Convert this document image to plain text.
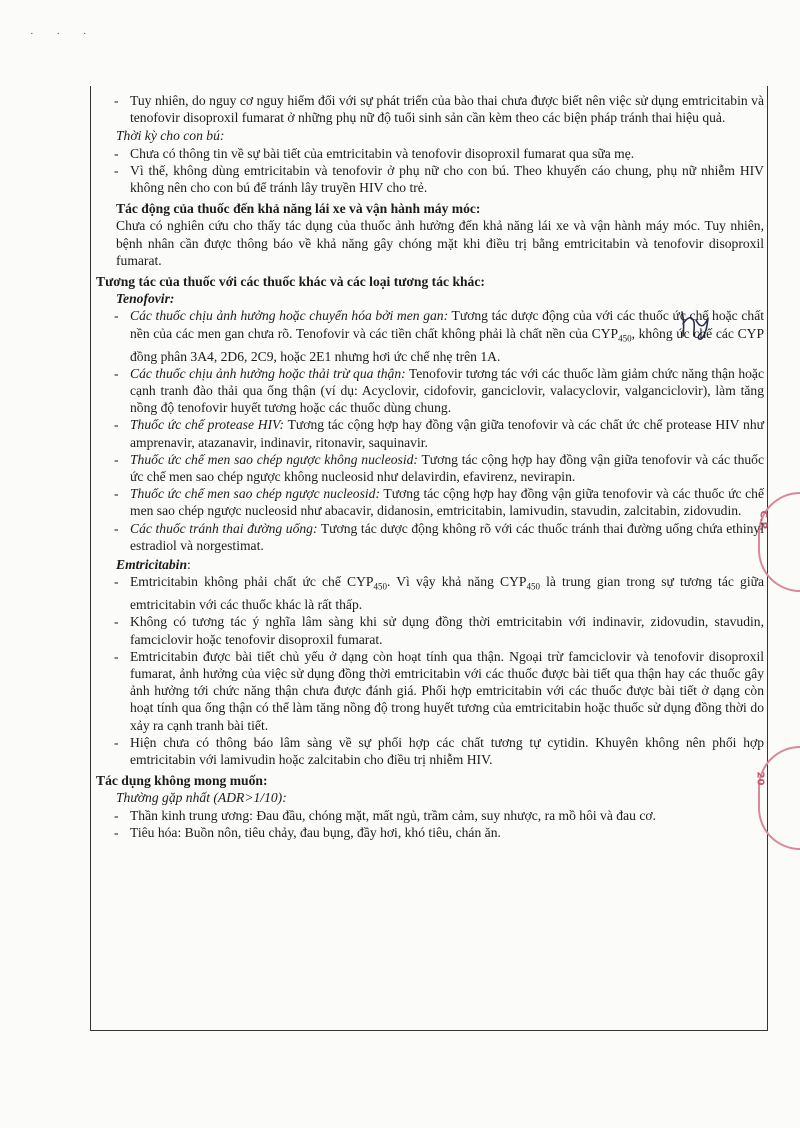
· · ·
C.P.
20

- Tuy nhiên, do nguy cơ nguy hiểm đối với sự phát triển của bào thai chưa được biết nên việc sử dụng emtricitabin và tenofovir disoproxil fumarat ở những phụ nữ độ tuổi sinh sản cần kèm theo các biện pháp tránh thai hiệu quả.

Thời kỳ cho con bú:

- Chưa có thông tin về sự bài tiết của emtricitabin và tenofovir disoproxil fumarat qua sữa mẹ.

- Vì thế, không dùng emtricitabin và tenofovir ở phụ nữ cho con bú. Theo khuyến cáo chung, phụ nữ nhiễm HIV không nên cho con bú để tránh lây truyền HIV cho trẻ.

Tác động của thuốc đến khả năng lái xe và vận hành máy móc:

Chưa có nghiên cứu cho thấy tác dụng của thuốc ảnh hưởng đến khả năng lái xe và vận hành máy móc. Tuy nhiên, bệnh nhân cần được thông báo về khả năng gây chóng mặt khi điều trị bằng emtricitabin và tenofovir disoproxil fumarat.

Tương tác của thuốc với các thuốc khác và các loại tương tác khác:

Tenofovir:

- Các thuốc chịu ảnh hưởng hoặc chuyển hóa bởi men gan: Tương tác dược động của với các thuốc ức chế hoặc chất nền của các men gan chưa rõ. Tenofovir và các tiền chất không phải là chất nền của $CYP_{450}$, không ức chế các CYP đồng phân 3A4, 2D6, 2C9, hoặc 2E1 nhưng hơi ức chế nhẹ trên 1A.

- Các thuốc chịu ảnh hưởng hoặc thải trừ qua thận: Tenofovir tương tác với các thuốc làm giảm chức năng thận hoặc cạnh tranh đào thải qua ống thận (ví dụ: Acyclovir, cidofovir, ganciclovir, valacyclovir, valganciclovir), làm tăng nồng độ tenofovir huyết tương hoặc các thuốc dùng chung.

- Thuốc ức chế protease HIV: Tương tác cộng hợp hay đồng vận giữa tenofovir và các chất ức chế protease HIV như amprenavir, atazanavir, indinavir, ritonavir, saquinavir.

- Thuốc ức chế men sao chép ngược không nucleosid: Tương tác cộng hợp hay đồng vận giữa tenofovir và các thuốc ức chế men sao chép ngược không nucleosid như delavirdin, efavirenz, nevirapin.

- Thuốc ức chế men sao chép ngược nucleosid: Tương tác cộng hợp hay đồng vận giữa tenofovir và các thuốc ức chế men sao chép ngược nucleosid như abacavir, didanosin, emtricitabin, lamivudin, stavudin, zalcitabin, zidovudin.

- Các thuốc tránh thai đường uống: Tương tác dược động không rõ với các thuốc tránh thai đường uống chứa ethinyl estradiol và norgestimat.

Emtricitabin:

- Emtricitabin không phải chất ức chế $CYP_{450}$. Vì vậy khả năng $CYP_{450}$ là trung gian trong sự tương tác giữa emtricitabin với các thuốc khác là rất thấp.

- Không có tương tác ý nghĩa lâm sàng khi sử dụng đồng thời emtricitabin với indinavir, zidovudin, stavudin, famciclovir hoặc tenofovir disoproxil fumarat.

- Emtricitabin được bài tiết chủ yếu ở dạng còn hoạt tính qua thận. Ngoại trừ famciclovir và tenofovir disoproxil fumarat, ảnh hưởng của việc sử dụng đồng thời emtricitabin với các thuốc được bài tiết qua thận hay các thuốc gây ảnh hưởng tới chức năng thận chưa được đánh giá. Phối hợp emtricitabin với các thuốc được bài tiết ở dạng còn hoạt tính qua ống thận có thể làm tăng nồng độ trong huyết tương của emtricitabin hoặc thuốc sử dụng đồng thời do xảy ra cạnh tranh bài tiết.

- Hiện chưa có thông báo lâm sàng về sự phối hợp các chất tương tự cytidin. Khuyên không nên phối hợp emtricitabin với lamivudin hoặc zalcitabin cho điều trị nhiễm HIV.

Tác dụng không mong muốn:

Thường gặp nhất (ADR>1/10):

- Thần kinh trung ương: Đau đầu, chóng mặt, mất ngủ, trầm cảm, suy nhược, ra mồ hôi và đau cơ.

- Tiêu hóa: Buồn nôn, tiêu chảy, đau bụng, đầy hơi, khó tiêu, chán ăn.
